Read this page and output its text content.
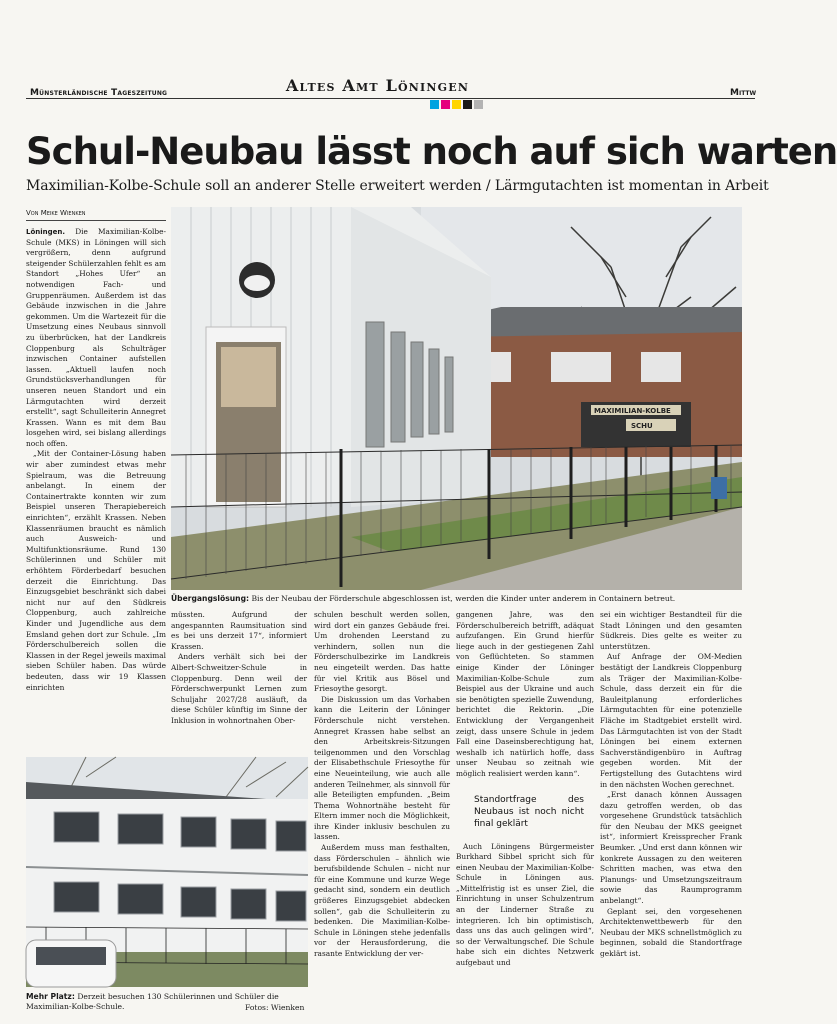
Altes Amt Löningen
Münsterländische Tageszeitung	Mittw
Schul-Neubau lässt noch auf sich warten
Maximilian-Kolbe-Schule soll an anderer Stelle erweitert werden / Lärmgutachten ist momentan in Arbeit
Von Meike Wienken

Löningen. Die Maximilian-Kolbe-Schule (MKS) in Löningen will sich vergrößern, denn aufgrund steigender Schülerzahlen fehlt es am Standort „Hohes Ufer“ an notwendigen Fach- und Gruppenräumen. Außerdem ist das Gebäude inzwischen in die Jahre gekommen. Um die Wartezeit für die Umsetzung eines Neubaus sinnvoll zu überbrücken, hat der Landkreis Cloppenburg als Schulträger inzwischen Container aufstellen lassen. „Aktuell laufen noch Grundstücksverhandlungen für unseren neuen Standort und ein Lärmgutachten wird derzeit erstellt“, sagt Schulleiterin Annegret Krassen. Wann es mit dem Bau losgehen wird, sei bislang allerdings noch offen.

„Mit der Container-Lösung haben wir aber zumindest etwas mehr Spielraum, was die Betreuung anbelangt. In einem der Containertrakte konnten wir zum Beispiel unseren Therapiebereich einrichten“, erzählt Krassen. Neben Klassenräumen braucht es nämlich auch Ausweich- und Multifunktionsräume. Rund 130 Schülerinnen und Schüler mit erhöhtem Förderbedarf besuchen derzeit die Einrichtung. Das Einzugsgebiet beschränkt sich dabei nicht nur auf den Südkreis Cloppenburg, auch zahlreiche Kinder und Jugendliche aus dem Emsland gehen dort zur Schule. „Im Förderschulbereich sollen die Klassen in der Regel jeweils maximal sieben Schüler haben. Das würde bedeuten, dass wir 19 Klassen einrichten

MAXIMILIAN-KOLBE
SCHU
Übergangslösung: Bis der Neubau der Förderschule abgeschlossen ist, werden die Kinder unter anderem in Containern betreut.

müssten. Aufgrund der angespannten Raumsituation sind es bei uns derzeit 17“, informiert Krassen.

Anders verhält sich bei der Albert-Schweitzer-Schule in Cloppenburg. Denn weil der Förderschwerpunkt Lernen zum Schuljahr 2027/28 ausläuft, da diese Schüler künftig im Sinne der Inklusion in wohnortnahen Ober-

schulen beschult werden sollen, wird dort ein ganzes Gebäude frei. Um drohenden Leerstand zu verhindern, sollen nun die Förderschulbezirke im Landkreis neu eingeteilt werden. Das hatte für viel Kritik aus Bösel und Friesoythe gesorgt.

Die Diskussion um das Vorhaben kann die Leiterin der Löninger Förderschule nicht verstehen. Annegret Krassen habe selbst an den Arbeitskreis-Sitzungen teilgenommen und den Vorschlag der Elisabethschule Friesoythe für eine Neueinteilung, wie auch alle anderen Teilnehmer, als sinnvoll für alle Beteiligten empfunden. „Beim Thema Wohnortnähe besteht für Eltern immer noch die Möglichkeit, ihre Kinder inklusiv beschulen zu lassen.

Außerdem muss man festhalten, dass Förderschulen – ähnlich wie berufsbildende Schulen – nicht nur für eine Kommune und kurze Wege gedacht sind, sondern ein deutlich größeres Einzugsgebiet abdecken sollen“, gab die Schulleiterin zu bedenken. Die Maximilian-Kolbe-Schule in Löningen stehe jedenfalls vor der Herausforderung, die rasante Entwicklung der ver-

gangenen Jahre, was den Förderschulbereich betrifft, adäquat aufzufangen. Ein Grund hierfür liege auch in der gestiegenen Zahl von Geflüchteten. So stammen einige Kinder der Löninger Maximilian-Kolbe-Schule zum Beispiel aus der Ukraine und auch sie benötigten spezielle Zuwendung, berichtet die Rektorin. „Die Entwicklung der Vergangenheit zeigt, dass unsere Schule in jedem Fall eine Daseinsberechtigung hat, weshalb ich natürlich hoffe, dass unser Neubau so zeitnah wie möglich realisiert werden kann“.

Standortfrage des Neubaus ist noch nicht final geklärt

Auch Löningens Bürgermeister Burkhard Sibbel spricht sich für einen Neubau der Maximilian-Kolbe-Schule in Löningen aus. „Mittelfristig ist es unser Ziel, die Einrichtung in unser Schulzentrum an der Linderner Straße zu integrieren. Ich bin optimistisch, dass uns das auch gelingen wird“, so der Verwaltungschef. Die Schule habe sich ein dichtes Netzwerk aufgebaut und

sei ein wichtiger Bestandteil für die Stadt Löningen und den gesamten Südkreis. Dies gelte es weiter zu unterstützen.

Auf Anfrage der OM-Medien bestätigt der Landkreis Cloppenburg als Träger der Maximilian-Kolbe-Schule, dass derzeit ein für die Bauleitplanung erforderliches Lärmgutachten für eine potenzielle Fläche im Stadtgebiet erstellt wird. Das Lärmgutachten ist von der Stadt Löningen bei einem externen Sachverständigenbüro in Auftrag gegeben worden. Mit der Fertigstellung des Gutachtens wird in den nächsten Wochen gerechnet.

„Erst danach können Aussagen dazu getroffen werden, ob das vorgesehene Grundstück tatsächlich für den Neubau der MKS geeignet ist“, informiert Kreissprecher Frank Beumker. „Und erst dann können wir konkrete Aussagen zu den weiteren Schritten machen, was etwa den Planungs- und Umsetzungszeitraum sowie das Raumprogramm anbelangt“.

Geplant sei, den vorgesehenen Architektenwettbewerb für den Neubau der MKS schnellstmöglich zu beginnen, sobald die Standortfrage geklärt ist.

Mehr Platz: Derzeit besuchen 130 Schülerinnen und Schüler die Maximilian-Kolbe-Schule.	Fotos: Wienken
